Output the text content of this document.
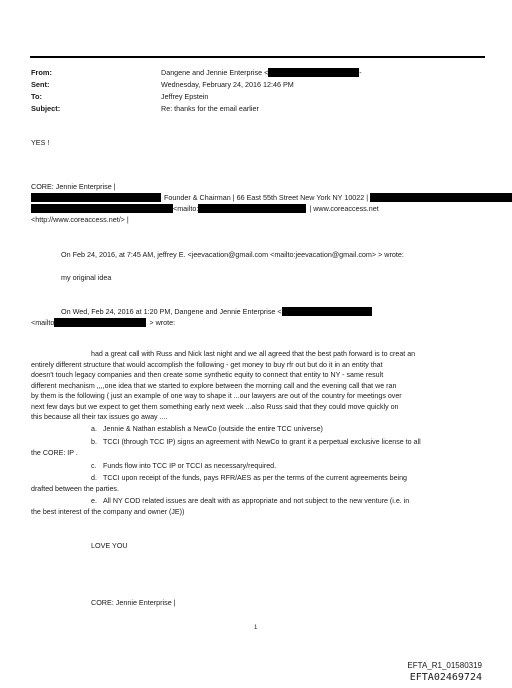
From:	Dangene and Jennie Enterprise <	-
Sent:	Wednesday, February 24, 2016 12:46 PM
To:	Jeffrey Epstein
Subject:	Re: thanks for the email earlier
YES !
CORE: Jennie Enterprise |
Founder & Chairman | 66 East 55th Street New York NY 10022 |
<mailto:	| www.coreaccess.net
<http://www.coreaccess.net/> |
On Feb 24, 2016, at 7:45 AM, jeffrey E. <jeevacation@gmail.com <mailto:jeevacation@gmail.com> > wrote:
my original idea
On Wed, Feb 24, 2016 at 1:20 PM, Dangene and Jennie Enterprise <
<mailto	> wrote:
had a great call with Russ and Nick last night and we all agreed that the best path forward is to creat an
entirely different structure that would accomplish the following - get money to buy rfr out but do it in an entity that
doesn't touch legacy companies and then create some synthetic equity to connect that entity to NY - same result
different mechanism ,,,,one idea that we started to explore between the morning call and the evening call that we ran
by them is the following ( just an example of one way to shape it ...our lawyers are out of the country for meetings over
next few days but we expect to get them something early next week ...also Russ said that they could move quickly on
this because all their tax issues go away ....
a. Jennie & Nathan establish a NewCo (outside the entire TCC universe)
b. TCCI (through TCC IP) signs an agreement with NewCo to grant it a perpetual exclusive license to all
the CORE: IP .
c. Funds flow into TCC IP or TCCI as necessary/required.
d. TCCI upon receipt of the funds, pays RFR/AES as per the terms of the current agreements being
drafted between the parties.
e. All NY COD related issues are dealt with as appropriate and not subject to the new venture (i.e. in
the best interest of the company and owner (JE))
LOVE YOU
CORE: Jennie Enterprise |
1
EFTA_R1_01580319
EFTA02469724
